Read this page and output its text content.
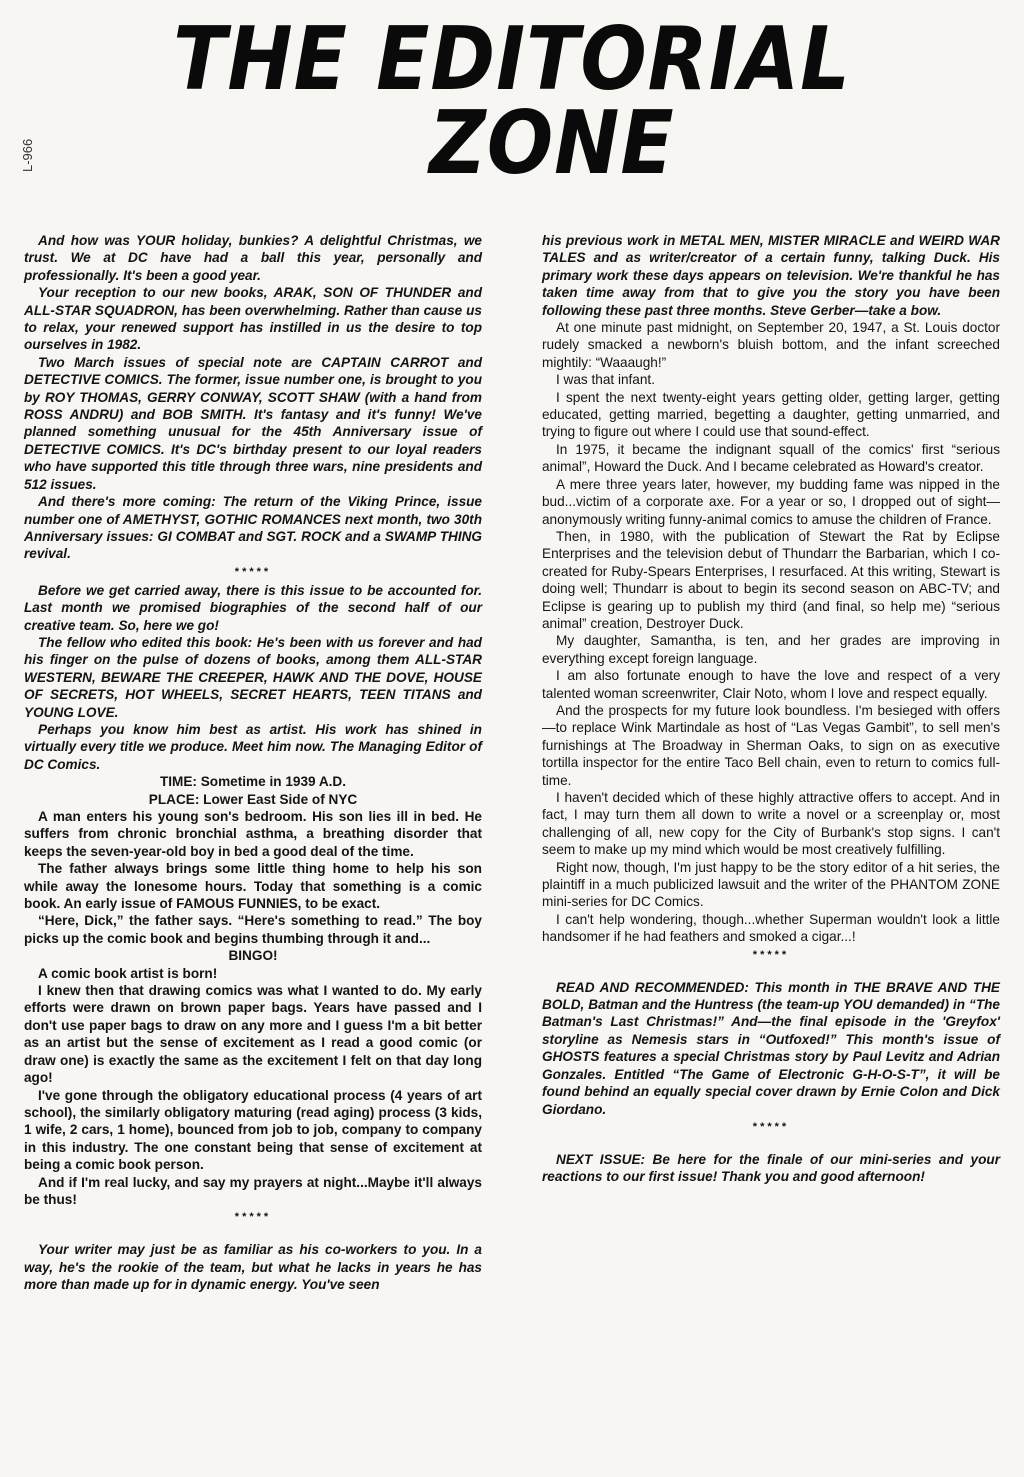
THE EDITORIAL
ZONE
L-966

And how was YOUR holiday, bunkies? A delightful Christmas, we trust. We at DC have had a ball this year, personally and professionally. It's been a good year.

Your reception to our new books, ARAK, SON OF THUNDER and ALL-STAR SQUADRON, has been overwhelming. Rather than cause us to relax, your renewed support has instilled in us the desire to top ourselves in 1982.

Two March issues of special note are CAPTAIN CARROT and DETECTIVE COMICS. The former, issue number one, is brought to you by ROY THOMAS, GERRY CONWAY, SCOTT SHAW (with a hand from ROSS ANDRU) and BOB SMITH. It's fantasy and it's funny! We've planned something unusual for the 45th Anniversary issue of DETECTIVE COMICS. It's DC's birthday present to our loyal readers who have supported this title through three wars, nine presidents and 512 issues.

And there's more coming: The return of the Viking Prince, issue number one of AMETHYST, GOTHIC ROMANCES next month, two 30th Anniversary issues: GI COMBAT and SGT. ROCK and a SWAMP THING revival.

*****

Before we get carried away, there is this issue to be accounted for. Last month we promised biographies of the second half of our creative team. So, here we go!

The fellow who edited this book: He's been with us forever and had his finger on the pulse of dozens of books, among them ALL-STAR WESTERN, BEWARE THE CREEPER, HAWK AND THE DOVE, HOUSE OF SECRETS, HOT WHEELS, SECRET HEARTS, TEEN TITANS and YOUNG LOVE.

Perhaps you know him best as artist. His work has shined in virtually every title we produce. Meet him now. The Managing Editor of DC Comics.

TIME: Sometime in 1939 A.D.

PLACE: Lower East Side of NYC

A man enters his young son's bedroom. His son lies ill in bed. He suffers from chronic bronchial asthma, a breathing disorder that keeps the seven-year-old boy in bed a good deal of the time.

The father always brings some little thing home to help his son while away the lonesome hours. Today that something is a comic book. An early issue of FAMOUS FUNNIES, to be exact.

“Here, Dick,” the father says. “Here's something to read.” The boy picks up the comic book and begins thumbing through it and...

BINGO!

A comic book artist is born!

I knew then that drawing comics was what I wanted to do. My early efforts were drawn on brown paper bags. Years have passed and I don't use paper bags to draw on any more and I guess I'm a bit better as an artist but the sense of excitement as I read a good comic (or draw one) is exactly the same as the excitement I felt on that day long ago!

I've gone through the obligatory educational process (4 years of art school), the similarly obligatory maturing (read aging) process (3 kids, 1 wife, 2 cars, 1 home), bounced from job to job, company to company in this industry. The one constant being that sense of excitement at being a comic book person.

And if I'm real lucky, and say my prayers at night...Maybe it'll always be thus!

*****

Your writer may just be as familiar as his co-workers to you. In a way, he's the rookie of the team, but what he lacks in years he has more than made up for in dynamic energy. You've seen

his previous work in METAL MEN, MISTER MIRACLE and WEIRD WAR TALES and as writer/creator of a certain funny, talking Duck. His primary work these days appears on television. We're thankful he has taken time away from that to give you the story you have been following these past three months. Steve Gerber—take a bow.

At one minute past midnight, on September 20, 1947, a St. Louis doctor rudely smacked a newborn's bluish bottom, and the infant screeched mightily: “Waaaugh!”

I was that infant.

I spent the next twenty-eight years getting older, getting larger, getting educated, getting married, begetting a daughter, getting unmarried, and trying to figure out where I could use that sound-effect.

In 1975, it became the indignant squall of the comics' first “serious animal”, Howard the Duck. And I became celebrated as Howard's creator.

A mere three years later, however, my budding fame was nipped in the bud...victim of a corporate axe. For a year or so, I dropped out of sight—anonymously writing funny-animal comics to amuse the children of France.

Then, in 1980, with the publication of Stewart the Rat by Eclipse Enterprises and the television debut of Thundarr the Barbarian, which I co-created for Ruby-Spears Enterprises, I resurfaced. At this writing, Stewart is doing well; Thundarr is about to begin its second season on ABC-TV; and Eclipse is gearing up to publish my third (and final, so help me) “serious animal” creation, Destroyer Duck.

My daughter, Samantha, is ten, and her grades are improving in everything except foreign language.

I am also fortunate enough to have the love and respect of a very talented woman screenwriter, Clair Noto, whom I love and respect equally.

And the prospects for my future look boundless. I'm besieged with offers—to replace Wink Martindale as host of “Las Vegas Gambit”, to sell men's furnishings at The Broadway in Sherman Oaks, to sign on as executive tortilla inspector for the entire Taco Bell chain, even to return to comics full-time.

I haven't decided which of these highly attractive offers to accept. And in fact, I may turn them all down to write a novel or a screenplay or, most challenging of all, new copy for the City of Burbank's stop signs. I can't seem to make up my mind which would be most creatively fulfilling.

Right now, though, I'm just happy to be the story editor of a hit series, the plaintiff in a much publicized lawsuit and the writer of the PHANTOM ZONE mini-series for DC Comics.

I can't help wondering, though...whether Superman wouldn't look a little handsomer if he had feathers and smoked a cigar...!

*****

READ AND RECOMMENDED: This month in THE BRAVE AND THE BOLD, Batman and the Huntress (the team-up YOU demanded) in “The Batman's Last Christmas!” And—the final episode in the 'Greyfox' storyline as Nemesis stars in “Outfoxed!” This month's issue of GHOSTS features a special Christmas story by Paul Levitz and Adrian Gonzales. Entitled “The Game of Electronic G-H-O-S-T”, it will be found behind an equally special cover drawn by Ernie Colon and Dick Giordano.

*****

NEXT ISSUE: Be here for the finale of our mini-series and your reactions to our first issue! Thank you and good afternoon!
